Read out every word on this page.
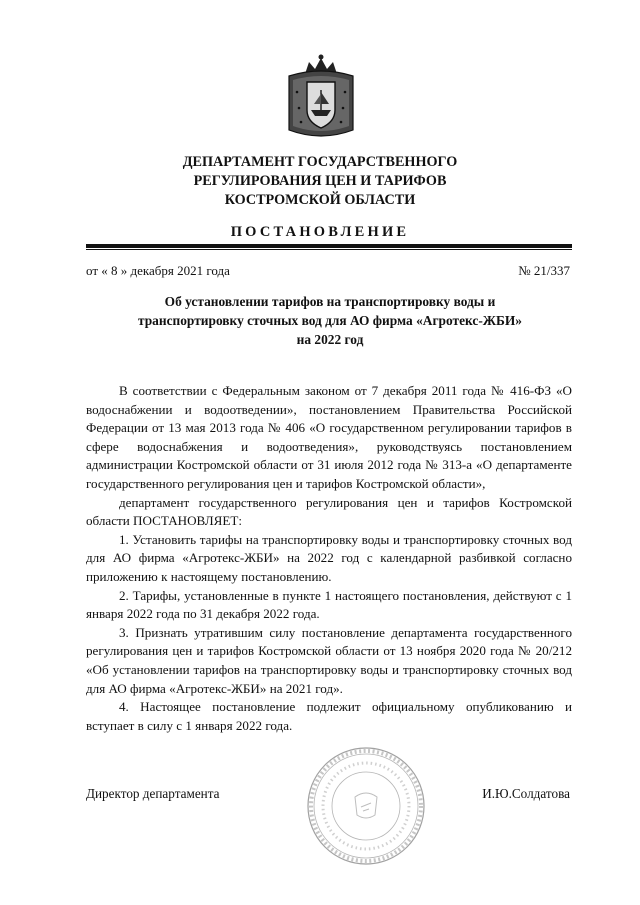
ДЕПАРТАМЕНТ ГОСУДАРСТВЕННОГО
РЕГУЛИРОВАНИЯ ЦЕН И ТАРИФОВ
КОСТРОМСКОЙ ОБЛАСТИ
ПОСТАНОВЛЕНИЕ
от « 8 » декабря 2021 года	№ 21/337
Об установлении тарифов на транспортировку воды и
транспортировку сточных вод для АО фирма «Агротекс-ЖБИ»
на 2022 год

В соответствии с Федеральным законом от 7 декабря 2011 года № 416-ФЗ «О водоснабжении и водоотведении», постановлением Правительства Российской Федерации от 13 мая 2013 года № 406 «О государственном регулировании тарифов в сфере водоснабжения и водоотведения», руководствуясь постановлением администрации Костромской области от 31 июля 2012 года № 313-а «О департаменте государственного регулирования цен и тарифов Костромской области»,

департамент государственного регулирования цен и тарифов Костромской области ПОСТАНОВЛЯЕТ:

1. Установить тарифы на транспортировку воды и транспортировку сточных вод для АО фирма «Агротекс-ЖБИ» на 2022 год с календарной разбивкой согласно приложению к настоящему постановлению.

2. Тарифы, установленные в пункте 1 настоящего постановления, действуют с 1 января 2022 года по 31 декабря 2022 года.

3. Признать утратившим силу постановление департамента государственного регулирования цен и тарифов Костромской области от 13 ноября 2020 года № 20/212 «Об установлении тарифов на транспортировку воды и транспортировку сточных вод для АО фирма «Агротекс-ЖБИ» на 2021 год».

4. Настоящее постановление подлежит официальному опубликованию и вступает в силу с 1 января 2022 года.

Директор департамента	И.Ю.Солдатова
